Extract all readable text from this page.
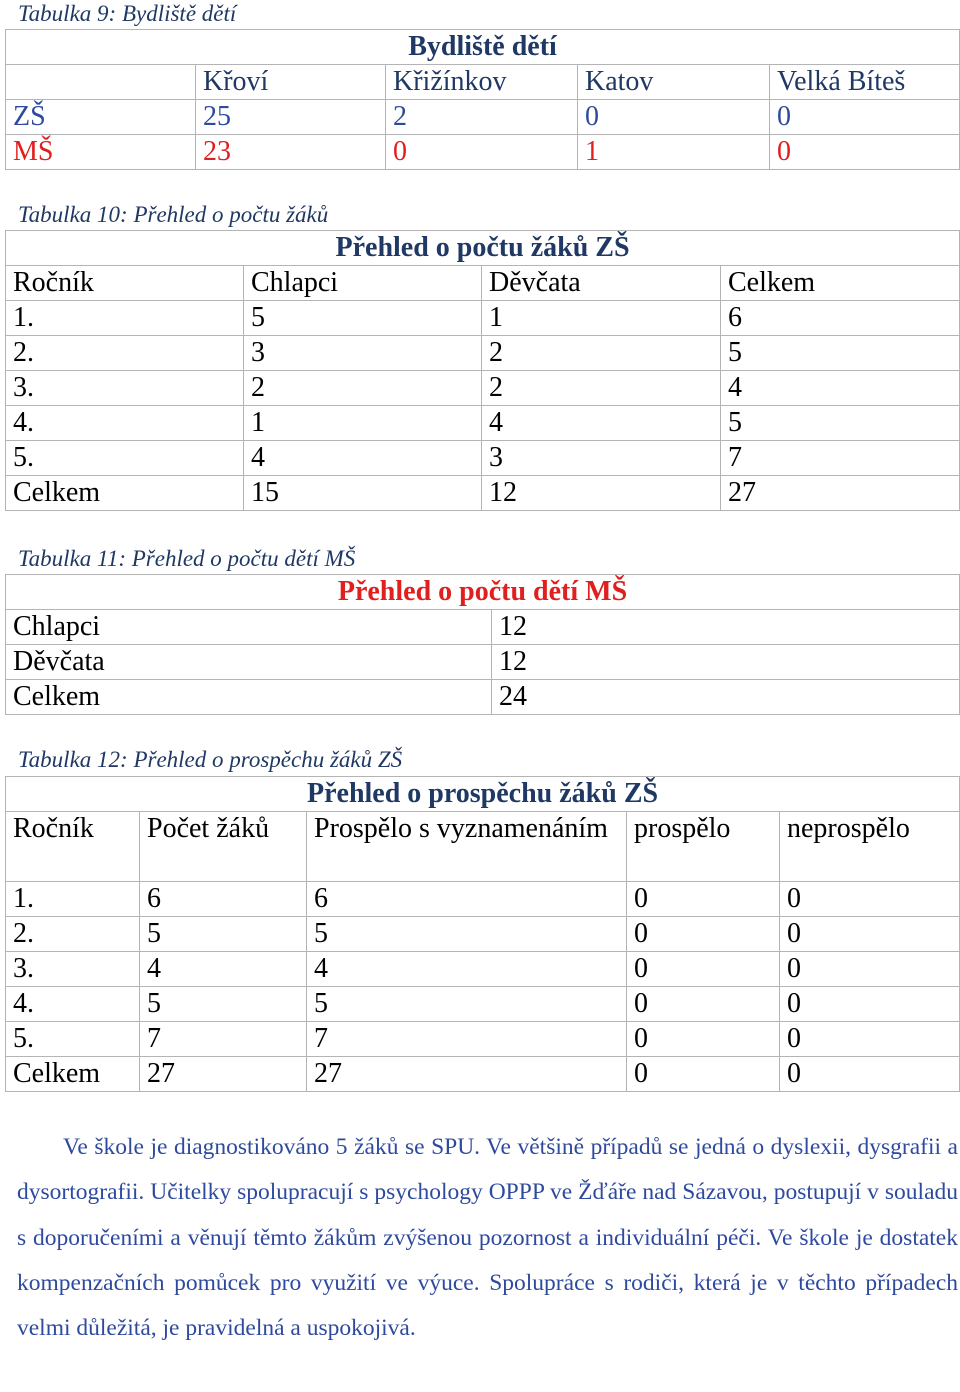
Tabulka 9: Bydliště dětí
Bydliště dětí				
	Křoví	Křižínkov	Katov	Velká Bíteš
ZŠ	25	2	0	0
MŠ	23	0	1	0
Tabulka 10: Přehled o počtu žáků
Přehled o počtu žáků ZŠ			
Ročník	Chlapci	Děvčata	Celkem
1.	5	1	6
2.	3	2	5
3.	2	2	4
4.	1	4	5
5.	4	3	7
Celkem	15	12	27
Tabulka 11: Přehled o počtu dětí MŠ
Přehled o počtu dětí MŠ	
Chlapci	12
Děvčata	12
Celkem	24
Tabulka 12: Přehled o prospěchu žáků ZŠ
Přehled o prospěchu žáků ZŠ				
Ročník	Počet žáků	Prospělo s vyznamenáním	prospělo	neprospělo
1.	6	6	0	0
2.	5	5	0	0
3.	4	4	0	0
4.	5	5	0	0
5.	7	7	0	0
Celkem	27	27	0	0
Ve škole je diagnostikováno 5 žáků se SPU. Ve většině případů se jedná o dyslexii, dysgrafii a dysortografii. Učitelky spolupracují s psychology OPPP ve Žďáře nad Sázavou, postupují v souladu s doporučeními a věnují těmto žákům zvýšenou pozornost a individuální péči. Ve škole je dostatek kompenzačních pomůcek pro využití ve výuce. Spolupráce s rodiči, která je v těchto případech velmi důležitá, je pravidelná a uspokojivá.
